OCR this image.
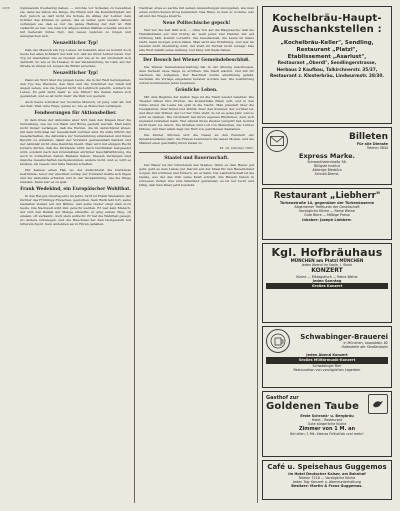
2456	Gymnasium treuherzig haben, — möchte vor Schaden zu bewahren sie, denn sie lieben die Dinge, die Eltern und die Kunstfertigkeit der Zeit. Jedoch es darf nicht die Schule im Alltag der Lehrer, dem Schüler das Können zu geben, das er selber gern besitzt; darum verlangen sie, daß es nur die ganze Haltung der Zeit ist. Will vielleicht es viel, wie man von altgewohnten Stätten scheidet und sich mit heiterem Sinne fügt, den neuen Geboten zu folgen und anzugleichen sich.

Neuzeitlicher Typ!

Daß der Mensch ein Typ Leben, ist bekannt; aber es kommt doch heute bei allen Schülern der Zeit vor, daß sie ihren Lehrer leben. Der Typ ist wandelbar, wie es Neuzeit und wie er in der Großstadt sich darstellt. So wie er im Theater, in der Versammlung, im Café, auf der Straße zu finden ist, mögen die Bilder sprechen.

Neuzeitlicher Typ!

Dann ein Wort über die jungen Leute, die in der Welt herumgehen, den Typ des Werdens, den Sinn und die Schönheit der Stadt mit Augen sehen, wie die Jugend nicht im Lehrbuch gelernt, sondern im Leben. Es geht nicht mehr so wie früher! Die Zeiten haben sich gewandelt, und es ist nicht mehr die Welt von gestern.

Auch heute schreitet der moderne Mensch, ob jung oder alt, mit der Zeit: Welt ohne Enge, genau so, wie es Menschen verlangen.

Fendwerungen für Aktionsbeiber.

In dem Kreis der Aktionäre aber hört man den Klagen über die Verwaltung, wie sie von Bank und Börse gestellt werden. Man kann nicht immer verlangen, daß die Herren, die im Aufsichtsrat sitzen, mit dem Schicksal der Gesellschaft vertraut sind. Es wäre Pflicht der Gesellschaften, die Aktionäre zur Versammlung einzuladen und ihnen Bericht zu erstatten, damit der Vorstand gewissenhaft handelt und der Aktionär nicht ohne Kenntnis bleibt. Man wird mit einigem Recht fordern dürfen, daß die Dividende nicht nach Gutdünken festgesetzt wird, sondern nach den Grundsätzen ehrlicher Geschäftsführung, die auch in schlechten Zeiten Bestand haben. Diesem Verlangen sind manche Gesellschaften nachgekommen, andere nicht, und so wird es bleiben, bis Gesetz und Sitte Wandel schaffen.

Wir kennen einen Fall, wo der Aufsichtsrat die Dividende bestimmte, bevor der Abschluß vorlag; der Vorstand mußte sich fügen und die Aktionäre erfuhren erst in der Versammlung, wie die Dinge standen. Dann war es zu spät.

Frank Wedekind, ein Europäischer Wohlthat.

In den Bergen Oberbayerns im Jahre 1918 ist Frank Wedekind, der Dichter des Frühlings Erwachen, gestorben. Sein Werk lebt fort, seine Gestalten stehen auf der Bühne, und seine Lieder singt man noch heute. Die Nachwelt wird ihm gerecht werden. Er war kein Mensch, der sich den Beifall der Menge erkaufte; er ging seinen Weg, oft einsam, oft verkannt, doch stets aufrecht. Er hat die Wahrheit gesagt, wo andere schwiegen, und die Heuchelei der Zeit bloßgestellt mit bitterem Spott. Sein Andenken sei in Ehren gehalten.

Nachbar, etwa so sachte mit seinen Anwendungen umzugehen, wie man einen zerbrochenen Krug behandelt. Das Haus, in dem er wohnte, war alt und die Treppe knarrte.

Neue Politechische gepsch!

Wer nur die Zeit faßt sich, — ohne Ton auf die Hauptsache: daß die Handelsbilanz gut und richtig ist, weiß jeder. Der Handel, der auf Ordnung hält, kommt vorwärts. Die Gesellschaft, die heute im Glanz steht, kann morgen schon fallen. Man lernt aus Erfahrung, und wer im Gewinn nicht übermütig wird, der steht im Verlust nicht verzagt. Das alte Wort behält seine Geltung: Gut Ding will Weile haben.

Der Besuch bei Wiener Gemeindebeschluß.

Die Wiener Gemeindeverwaltung hat in der Sitzung beschlossen, dem Verkehr neue Wege zu eröffnen. Die Stadt wächst, und mit ihr wachsen die Aufgaben. Der Beschluß wurde einstimmig gefaßt, nachdem die Vorlage eingehend beraten worden war. Die Ausführung soll im kommenden Jahre beginnen.

Grönliche Leben.

Mit dem Beginne der kalten Tage ist die Stadt wieder belebter. Die Theater öffnen ihre Pforten, die Konzertsäle füllen sich, und in den Cafés sitzen die Leute bis spät in die Nacht. Man plaudert über die Neuigkeiten, über Kunst und Politik, über den Sommer, der vorüber ist, und über den Winter, der vor der Türe steht. So ist es jedes Jahr, und so wird es bleiben. Die Großstadt hat ihren eigenen Rhythmus, dem sich niemand entziehen kann. Wer einmal ihren Zauber verspürt hat, kommt nicht mehr los davon. Die Straßen sind voll von Menschen, die Lichter blitzen, und über allem liegt der Duft von gebratenen Kastanien.

Die Kinder drücken sich die Nasen an den Fenstern der Spielwarenläden platt, die Frauen bewundern die neuen Moden, und die Männer eilen geschäftig ihren Zielen zu.

M. 10. Oktober 1907.
Staatel und Bauernschaft.

Der Bauer ist der Grundstein des Staates. Wenn es dem Bauer gut geht, geht es dem Lande gut. Darum soll der Staat für den Bauernstand sorgen, ihn schützen und fördern, wo er kann. Die Landwirtschaft ist die Quelle, aus der das Volk seine Kraft schöpft. Die Bauern haben in schweren Zeiten treu zum Vaterland gestanden; es ist nur recht und billig, daß man ihnen jetzt beisteht.

Kochelbräu-Haupt-
Ausschankstellen :
„Kochelbräu-Keller", Sendling,
Restaurant „Platzl",
Etablissement „Asarlust",
Restaurant „Oberdl", Sendlingerstrasse,
Herbaus 2 Kaufbau, Talkirchnerstr. 35/37,
Restaurant z. Klosterbräu, Lindwurmstr. 28/30.
Billeten
Für alle Dienste
Telefon 3844
Express Marke.
Schwanthalerstraße 36.
Billigste Institut
Alleinige Bierbüro
Schnell-Dienst.
Restaurant „Liebherr"
Türkenstraße 14, gegenüber der Türkenkaserne
Allgemeiner Treffpunkt der Gesellschaft
Vorzügliche Küche — Reine Weine
Gute Biere — Mäßige Preise
Inhaber: Joseph Liebherr.
Kgl. Hofbräuhaus
MÜNCHEN am Platzl MÜNCHEN
Jeden Abend im Saale, I. Stock
KONZERT
Küche — Mittagstisch — Reine Weine
Jeden Sonntag
Großes Konzert
Schwabinger-Brauerei
in München, Leopoldstr. 82
Haltestelle der Straßenbahn
Jeden Abend Konzert
Großes Militärmusik-Konzert
Schwabinger Bier
Restauration von vorzüglichen Lagerbier
Gasthof zur
Goldenen Taube
Erste Schrank- u. Bergbräu
Hotel – Restaurant
Gute bürgerliche Küche
Zimmer von 1 M. an
Bei allen: 1 Mk. kleines Frühstück und mehr!
Café u. Speisehaus Guggemos
im Hotel Deutscher Kaiser, am Bahnhof
Telefon 7218 — Vorzügliche Küche
Jeden Tag: Konzert u. Abendunterhaltung
Besitzer: Martin & Franz Guggemos.
